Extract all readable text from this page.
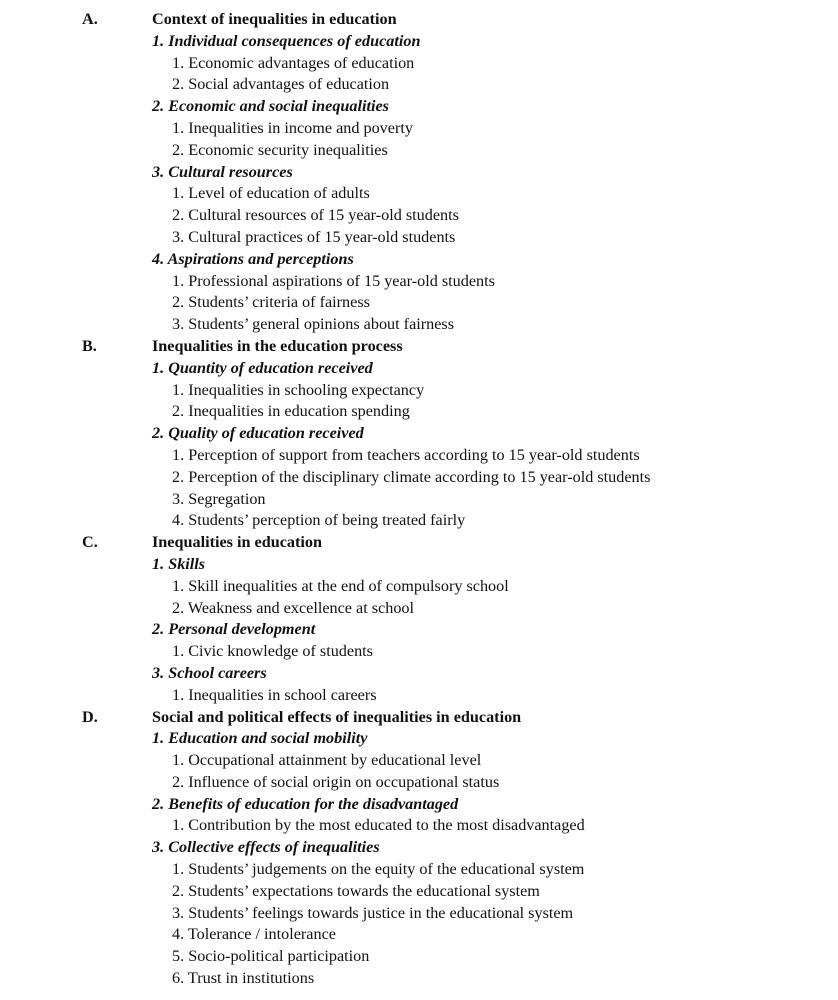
A.	Context of inequalities in education
1. Individual consequences of education
1. Economic advantages of education
2. Social advantages of education
2. Economic and social inequalities
1. Inequalities in income and poverty
2. Economic security inequalities
3. Cultural resources
1. Level of education of adults
2. Cultural resources of 15 year-old students
3. Cultural practices of 15 year-old students
4. Aspirations and perceptions
1. Professional aspirations of 15 year-old students
2. Students’ criteria of fairness
3. Students’ general opinions about fairness
B.	Inequalities in the education process
1. Quantity of education received
1. Inequalities in schooling expectancy
2. Inequalities in education spending
2. Quality of education received
1. Perception of support from teachers according to 15 year-old students
2. Perception of the disciplinary climate according to 15 year-old students
3. Segregation
4. Students’ perception of being treated fairly
C.	Inequalities in education
1. Skills
1. Skill inequalities at the end of compulsory school
2. Weakness and excellence at school
2. Personal development
1. Civic knowledge of students
3. School careers
1. Inequalities in school careers
D.	Social and political effects of inequalities in education
1. Education and social mobility
1. Occupational attainment by educational level
2. Influence of social origin on occupational status
2. Benefits of education for the disadvantaged
1. Contribution by the most educated to the most disadvantaged
3. Collective effects of inequalities
1. Students’ judgements on the equity of the educational system
2. Students’ expectations towards the educational system
3. Students’ feelings towards justice in the educational system
4. Tolerance / intolerance
5. Socio-political participation
6. Trust in institutions
